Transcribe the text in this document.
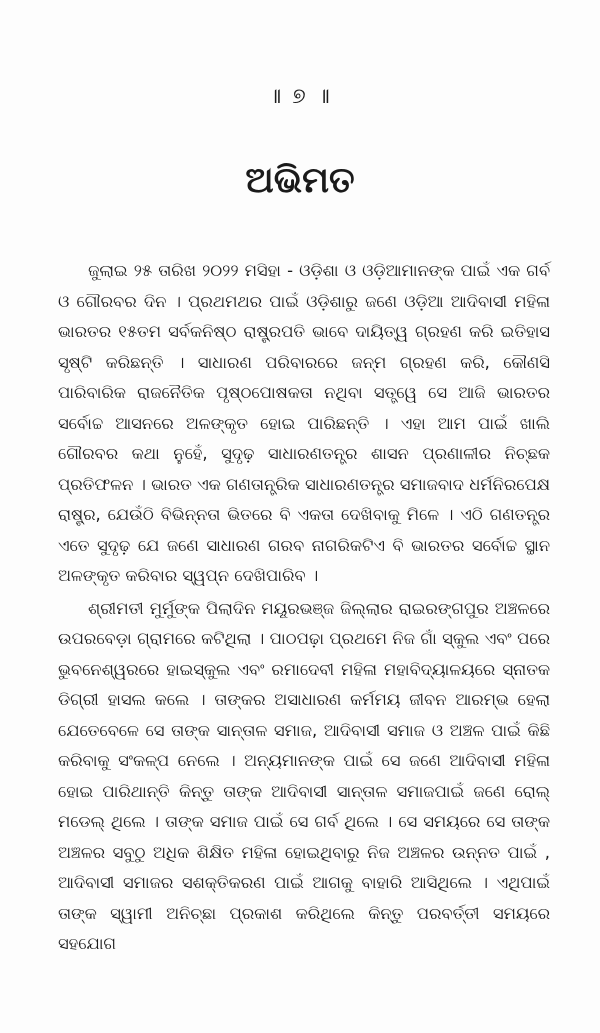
॥ ୭ ॥
ଅଭିମତ

ଜୁଲାଇ ୨୫ ତାରିଖ ୨୦୨୨ ମସିହା - ଓଡ଼ିଶା ଓ ଓଡ଼ିଆମାନଙ୍କ ପାଇଁ ଏକ ଗର୍ବ ଓ ଗୌରବର ଦିନ । ପ୍ରଥମଥର ପାଇଁ ଓଡ଼ିଶାରୁ ଜଣେ ଓଡ଼ିଆ ଆଦିବାସୀ ମହିଳା ଭାରତର ୧୫ତମ ସର୍ବକନିଷ୍ଠ ରାଷ୍ଟ୍ରପତି ଭାବେ ଦାୟିତ୍ୱ ଗ୍ରହଣ କରି ଇତିହାସ ସୃଷ୍ଟି କରିଛନ୍ତି । ସାଧାରଣ ପରିବାରରେ ଜନ୍ମ ଗ୍ରହଣ କରି, କୌଣସି ପାରିବାରିକ ରାଜନୈତିକ ପୃଷ୍ଠପୋଷକତା ନଥିବା ସତ୍ତ୍ୱେ ସେ ଆଜି ଭାରତର ସର୍ବୋଚ୍ଚ ଆସନରେ ଅଳଙ୍କୃତ ହୋଇ ପାରିଛନ୍ତି । ଏହା ଆମ ପାଇଁ ଖାଲି ଗୌରବର କଥା ନୁହେଁ, ସୁଦୃଢ଼ ସାଧାରଣତନ୍ତ୍ର ଶାସନ ପ୍ରଣାଳୀର ନିଚ୍ଛକ ପ୍ରତିଫଳନ । ଭାରତ ଏକ ଗଣତାନ୍ତ୍ରିକ ସାଧାରଣତନ୍ତ୍ର ସମାଜବାଦ ଧର୍ମନିରପେକ୍ଷ ରାଷ୍ଟ୍ର, ଯେଉଁଠି ବିଭିନ୍ନତା ଭିତରେ ବି ଏକତା ଦେଖିବାକୁ ମିଳେ । ଏଠି ଗଣତନ୍ତ୍ର ଏତେ ସୁଦୃଢ଼ ଯେ ଜଣେ ସାଧାରଣ ଗରବ ନାଗରିକଟିଏ ବି ଭାରତର ସର୍ବୋଚ୍ଚ ସ୍ଥାନ ଅଳଙ୍କୃତ କରିବାର ସ୍ୱପ୍ନ ଦେଖିପାରିବ ।

ଶ୍ରୀମତୀ ମୁର୍ମୁଙ୍କ ପିଲାଦିନ ମୟୂରଭଞ୍ଜ ଜିଲ୍ଲାର ରାଇରଙ୍ଗପୁର ଅଞ୍ଚଳରେ ଉପରବେଡ଼ା ଗ୍ରାମରେ କଟିଥିଲା । ପାଠପଢ଼ା ପ୍ରଥମେ ନିଜ ଗାଁ ସ୍କୁଲ ଏବଂ ପରେ ଭୁବନେଶ୍ୱରରେ ହାଇସ୍କୁଲ ଏବଂ ରମାଦେବୀ ମହିଳା ମହାବିଦ୍ୟାଳୟରେ ସ୍ନାତକ ଡିଗ୍ରୀ ହାସଲ କଲେ । ତାଙ୍କର ଅସାଧାରଣ କର୍ମମୟ ଜୀବନ ଆରମ୍ଭ ହେଲା ଯେତେବେଳେ ସେ ତାଙ୍କ ସାନ୍ତାଳ ସମାଜ, ଆଦିବାସୀ ସମାଜ ଓ ଅଞ୍ଚଳ ପାଇଁ କିଛି କରିବାକୁ ସଂକଳ୍ପ ନେଲେ । ଅନ୍ୟମାନଙ୍କ ପାଇଁ ସେ ଜଣେ ଆଦିବାସୀ ମହିଳା ହୋଇ ପାରିଥାନ୍ତି କିନ୍ତୁ ତାଙ୍କ ଆଦିବାସୀ ସାନ୍ତାଳ ସମାଜପାଇଁ ଜଣେ ରୋଲ୍ ମଡେଲ୍ ଥିଲେ । ତାଙ୍କ ସମାଜ ପାଇଁ ସେ ଗର୍ବ ଥିଲେ । ସେ ସମୟରେ ସେ ତାଙ୍କ ଅଞ୍ଚଳର ସବୁଠୁ ଅଧିକ ଶିକ୍ଷିତ ମହିଳା ହୋଇଥିବାରୁ ନିଜ ଅଞ୍ଚଳର ଉନ୍ନତ ପାଇଁ , ଆଦିବାସୀ ସମାଜର ସଶକ୍ତିକରଣ ପାଇଁ ଆଗକୁ ବାହାରି ଆସିଥିଲେ । ଏଥିପାଇଁ ତାଙ୍କ ସ୍ୱାମୀ ଅନିଚ୍ଛା ପ୍ରକାଶ କରିଥିଲେ କିନ୍ତୁ ପରବର୍ତ୍ତୀ ସମୟରେ ସହଯୋଗ
